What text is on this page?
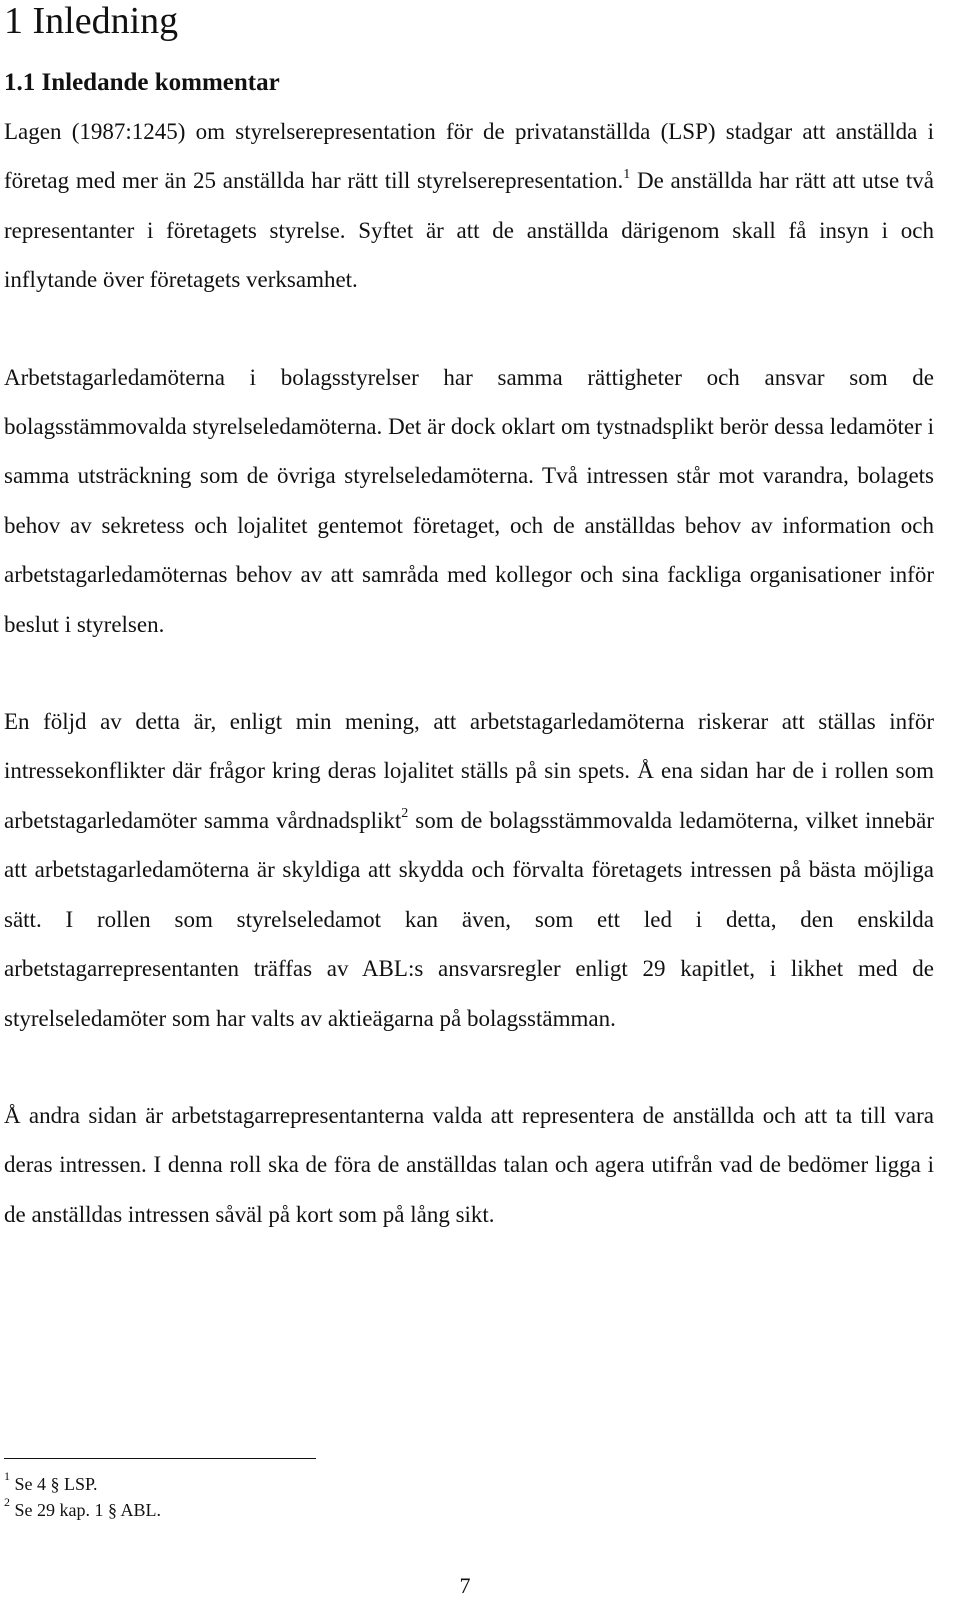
1 Inledning
1.1 Inledande kommentar

Lagen (1987:1245) om styrelserepresentation för de privatanställda (LSP) stadgar att anställda i företag med mer än 25 anställda har rätt till styrelserepresentation.$^1$ De anställda har rätt att utse två representanter i företagets styrelse. Syftet är att de anställda därigenom skall få insyn i och inflytande över företagets verksamhet.

Arbetstagarledamöterna i bolagsstyrelser har samma rättigheter och ansvar som de bolagsstämmovalda styrelseledamöterna. Det är dock oklart om tystnadsplikt berör dessa ledamöter i samma utsträckning som de övriga styrelseledamöterna. Två intressen står mot varandra, bolagets behov av sekretess och lojalitet gentemot företaget, och de anställdas behov av information och arbetstagarledamöternas behov av att samråda med kollegor och sina fackliga organisationer inför beslut i styrelsen.

En följd av detta är, enligt min mening, att arbetstagarledamöterna riskerar att ställas inför intressekonflikter där frågor kring deras lojalitet ställs på sin spets. Å ena sidan har de i rollen som arbetstagarledamöter samma vårdnadsplikt$^2$ som de bolagsstämmovalda ledamöterna, vilket innebär att arbetstagarledamöterna är skyldiga att skydda och förvalta företagets intressen på bästa möjliga sätt. I rollen som styrelseledamot kan även, som ett led i detta, den enskilda arbetstagarrepresentanten träffas av ABL:s ansvarsregler enligt 29 kapitlet, i likhet med de styrelseledamöter som har valts av aktieägarna på bolagsstämman.

Å andra sidan är arbetstagarrepresentanterna valda att representera de anställda och att ta till vara deras intressen. I denna roll ska de föra de anställdas talan och agera utifrån vad de bedömer ligga i de anställdas intressen såväl på kort som på lång sikt.

$^1$ Se 4 § LSP.
$^2$ Se 29 kap. 1 § ABL.
7
